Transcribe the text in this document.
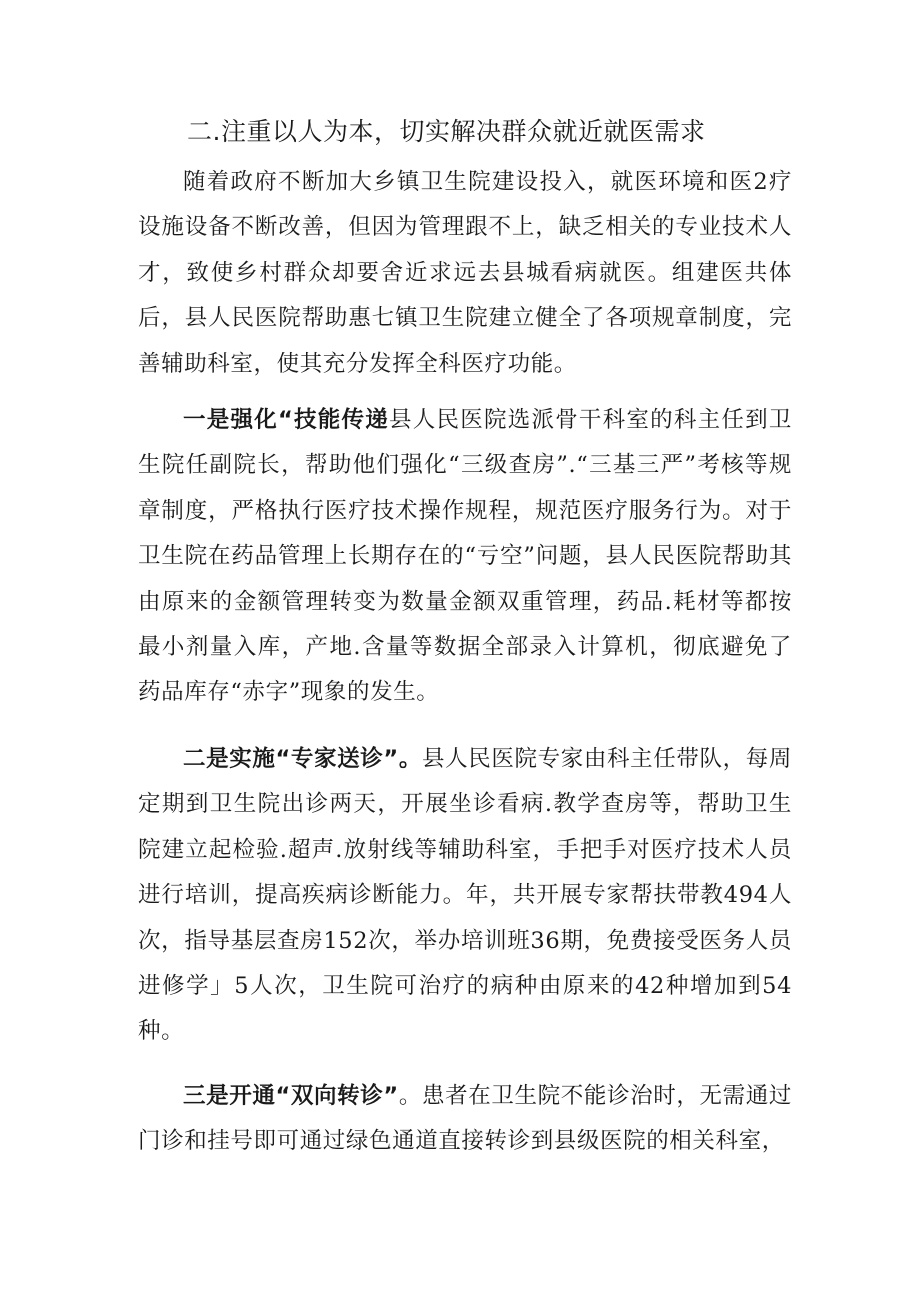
二.注重以人为本，切实解决群众就近就医需求

随着政府不断加大乡镇卫生院建设投入，就医环境和医2疗设施设备不断改善，但因为管理跟不上，缺乏相关的专业技术人才，致使乡村群众却要舍近求远去县城看病就医。组建医共体后，县人民医院帮助惠七镇卫生院建立健全了各项规章制度，完善辅助科室，使其充分发挥全科医疗功能。

一是强化“技能传递县人民医院选派骨干科室的科主任到卫生院任副院长，帮助他们强化“三级查房”.“三基三严”考核等规章制度，严格执行医疗技术操作规程，规范医疗服务行为。对于卫生院在药品管理上长期存在的“亏空”问题，县人民医院帮助其由原来的金额管理转变为数量金额双重管理，药品.耗材等都按最小剂量入库，产地.含量等数据全部录入计算机，彻底避免了药品库存“赤字”现象的发生。

二是实施“专家送诊”。县人民医院专家由科主任带队，每周定期到卫生院出诊两天，开展坐诊看病.教学查房等，帮助卫生院建立起检验.超声.放射线等辅助科室，手把手对医疗技术人员进行培训，提高疾病诊断能力。年，共开展专家帮扶带教494人次，指导基层查房152次，举办培训班36期，免费接受医务人员进修学」5人次，卫生院可治疗的病种由原来的42种增加到54种。

三是开通“双向转诊”。患者在卫生院不能诊治时，无需通过门诊和挂号即可通过绿色通道直接转诊到县级医院的相关科室，
